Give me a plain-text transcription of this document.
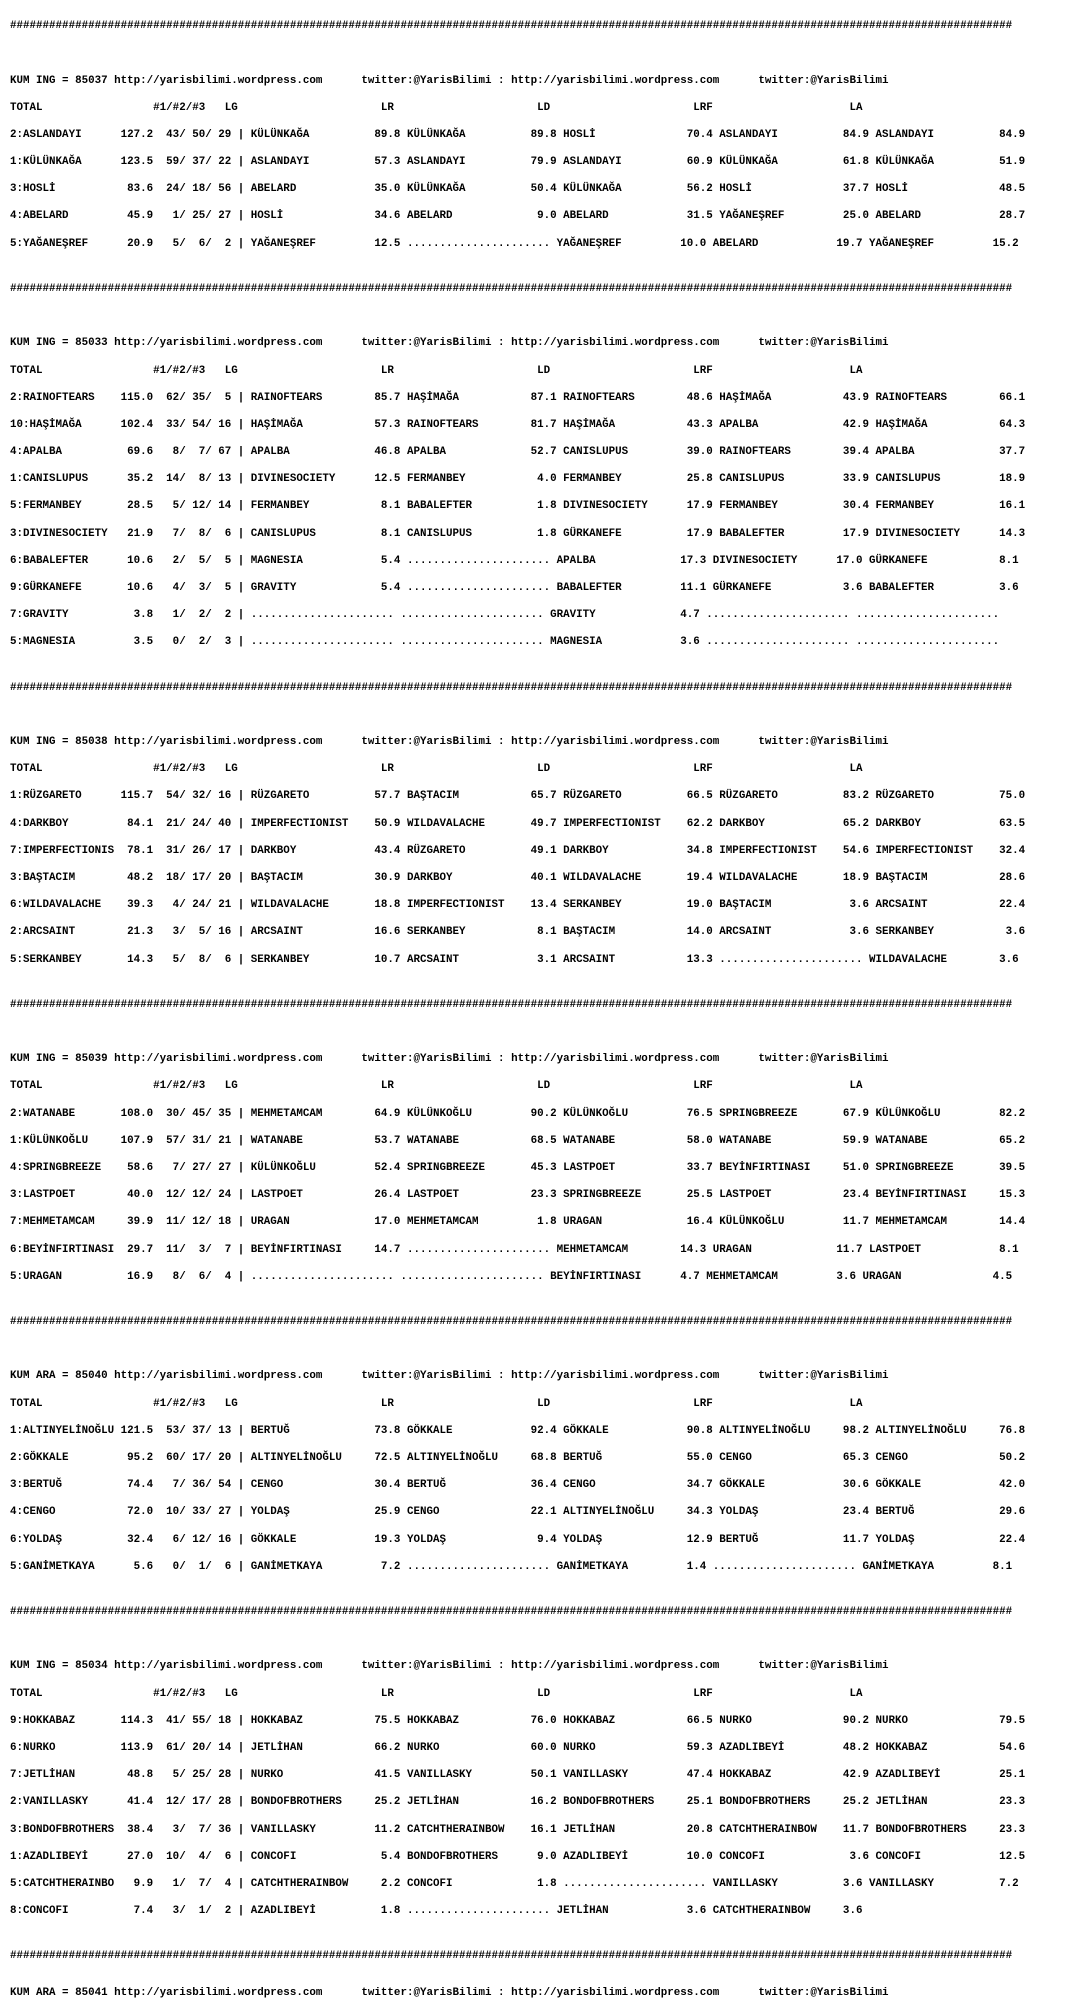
##########################################################################################################################################################

KUM ING = 85037 http://yarisbilimi.wordpress.com      twitter:@YarisBilimi : http://yarisbilimi.wordpress.com      twitter:@YarisBilimi

TOTAL                 #1/#2/#3   LG                      LR                      LD                      LRF                     LA

2:ASLANDAYI      127.2  43/ 50/ 29 | KÜLÜNKAĞA          89.8 KÜLÜNKAĞA          89.8 HOSLİ              70.4 ASLANDAYI          84.9 ASLANDAYI          84.9

1:KÜLÜNKAĞA      123.5  59/ 37/ 22 | ASLANDAYI          57.3 ASLANDAYI          79.9 ASLANDAYI          60.9 KÜLÜNKAĞA          61.8 KÜLÜNKAĞA          51.9

3:HOSLİ           83.6  24/ 18/ 56 | ABELARD            35.0 KÜLÜNKAĞA          50.4 KÜLÜNKAĞA          56.2 HOSLİ              37.7 HOSLİ              48.5

4:ABELARD         45.9   1/ 25/ 27 | HOSLİ              34.6 ABELARD             9.0 ABELARD            31.5 YAĞANEŞREF         25.0 ABELARD            28.7

5:YAĞANEŞREF      20.9   5/  6/  2 | YAĞANEŞREF         12.5 ...................... YAĞANEŞREF         10.0 ABELARD            19.7 YAĞANEŞREF         15.2

##########################################################################################################################################################

KUM ING = 85033 http://yarisbilimi.wordpress.com      twitter:@YarisBilimi : http://yarisbilimi.wordpress.com      twitter:@YarisBilimi

TOTAL                 #1/#2/#3   LG                      LR                      LD                      LRF                     LA

2:RAINOFTEARS    115.0  62/ 35/  5 | RAINOFTEARS        85.7 HAŞİMAĞA           87.1 RAINOFTEARS        48.6 HAŞİMAĞA           43.9 RAINOFTEARS        66.1

10:HAŞİMAĞA      102.4  33/ 54/ 16 | HAŞİMAĞA           57.3 RAINOFTEARS        81.7 HAŞİMAĞA           43.3 APALBA             42.9 HAŞİMAĞA           64.3

4:APALBA          69.6   8/  7/ 67 | APALBA             46.8 APALBA             52.7 CANISLUPUS         39.0 RAINOFTEARS        39.4 APALBA             37.7

1:CANISLUPUS      35.2  14/  8/ 13 | DIVINESOCIETY      12.5 FERMANBEY           4.0 FERMANBEY          25.8 CANISLUPUS         33.9 CANISLUPUS         18.9

5:FERMANBEY       28.5   5/ 12/ 14 | FERMANBEY           8.1 BABALEFTER          1.8 DIVINESOCIETY      17.9 FERMANBEY          30.4 FERMANBEY          16.1

3:DIVINESOCIETY   21.9   7/  8/  6 | CANISLUPUS          8.1 CANISLUPUS          1.8 GÜRKANEFE          17.9 BABALEFTER         17.9 DIVINESOCIETY      14.3

6:BABALEFTER      10.6   2/  5/  5 | MAGNESIA            5.4 ...................... APALBA             17.3 DIVINESOCIETY      17.0 GÜRKANEFE           8.1

9:GÜRKANEFE       10.6   4/  3/  5 | GRAVITY             5.4 ...................... BABALEFTER         11.1 GÜRKANEFE           3.6 BABALEFTER          3.6

7:GRAVITY          3.8   1/  2/  2 | ...................... ...................... GRAVITY             4.7 ...................... ......................

5:MAGNESIA         3.5   0/  2/  3 | ...................... ...................... MAGNESIA            3.6 ...................... ......................

##########################################################################################################################################################

KUM ING = 85038 http://yarisbilimi.wordpress.com      twitter:@YarisBilimi : http://yarisbilimi.wordpress.com      twitter:@YarisBilimi

TOTAL                 #1/#2/#3   LG                      LR                      LD                      LRF                     LA

1:RÜZGARETO      115.7  54/ 32/ 16 | RÜZGARETO          57.7 BAŞTACIM           65.7 RÜZGARETO          66.5 RÜZGARETO          83.2 RÜZGARETO          75.0

4:DARKBOY         84.1  21/ 24/ 40 | IMPERFECTIONIST    50.9 WILDAVALACHE       49.7 IMPERFECTIONIST    62.2 DARKBOY            65.2 DARKBOY            63.5

7:IMPERFECTIONIS  78.1  31/ 26/ 17 | DARKBOY            43.4 RÜZGARETO          49.1 DARKBOY            34.8 IMPERFECTIONIST    54.6 IMPERFECTIONIST    32.4

3:BAŞTACIM        48.2  18/ 17/ 20 | BAŞTACIM           30.9 DARKBOY            40.1 WILDAVALACHE       19.4 WILDAVALACHE       18.9 BAŞTACIM           28.6

6:WILDAVALACHE    39.3   4/ 24/ 21 | WILDAVALACHE       18.8 IMPERFECTIONIST    13.4 SERKANBEY          19.0 BAŞTACIM            3.6 ARCSAINT           22.4

2:ARCSAINT        21.3   3/  5/ 16 | ARCSAINT           16.6 SERKANBEY           8.1 BAŞTACIM           14.0 ARCSAINT            3.6 SERKANBEY           3.6

5:SERKANBEY       14.3   5/  8/  6 | SERKANBEY          10.7 ARCSAINT            3.1 ARCSAINT           13.3 ...................... WILDAVALACHE        3.6

##########################################################################################################################################################

KUM ING = 85039 http://yarisbilimi.wordpress.com      twitter:@YarisBilimi : http://yarisbilimi.wordpress.com      twitter:@YarisBilimi

TOTAL                 #1/#2/#3   LG                      LR                      LD                      LRF                     LA

2:WATANABE       108.0  30/ 45/ 35 | MEHMETAMCAM        64.9 KÜLÜNKOĞLU         90.2 KÜLÜNKOĞLU         76.5 SPRINGBREEZE       67.9 KÜLÜNKOĞLU         82.2

1:KÜLÜNKOĞLU     107.9  57/ 31/ 21 | WATANABE           53.7 WATANABE           68.5 WATANABE           58.0 WATANABE           59.9 WATANABE           65.2

4:SPRINGBREEZE    58.6   7/ 27/ 27 | KÜLÜNKOĞLU         52.4 SPRINGBREEZE       45.3 LASTPOET           33.7 BEYİNFIRTINASI     51.0 SPRINGBREEZE       39.5

3:LASTPOET        40.0  12/ 12/ 24 | LASTPOET           26.4 LASTPOET           23.3 SPRINGBREEZE       25.5 LASTPOET           23.4 BEYİNFIRTINASI     15.3

7:MEHMETAMCAM     39.9  11/ 12/ 18 | URAGAN             17.0 MEHMETAMCAM         1.8 URAGAN             16.4 KÜLÜNKOĞLU         11.7 MEHMETAMCAM        14.4

6:BEYİNFIRTINASI  29.7  11/  3/  7 | BEYİNFIRTINASI     14.7 ...................... MEHMETAMCAM        14.3 URAGAN             11.7 LASTPOET            8.1

5:URAGAN          16.9   8/  6/  4 | ...................... ...................... BEYİNFIRTINASI      4.7 MEHMETAMCAM         3.6 URAGAN              4.5

##########################################################################################################################################################

KUM ARA = 85040 http://yarisbilimi.wordpress.com      twitter:@YarisBilimi : http://yarisbilimi.wordpress.com      twitter:@YarisBilimi

TOTAL                 #1/#2/#3   LG                      LR                      LD                      LRF                     LA

1:ALTINYELİNOĞLU 121.5  53/ 37/ 13 | BERTUĞ             73.8 GÖKKALE            92.4 GÖKKALE            90.8 ALTINYELİNOĞLU     98.2 ALTINYELİNOĞLU     76.8

2:GÖKKALE         95.2  60/ 17/ 20 | ALTINYELİNOĞLU     72.5 ALTINYELİNOĞLU     68.8 BERTUĞ             55.0 CENGO              65.3 CENGO              50.2

3:BERTUĞ          74.4   7/ 36/ 54 | CENGO              30.4 BERTUĞ             36.4 CENGO              34.7 GÖKKALE            30.6 GÖKKALE            42.0

4:CENGO           72.0  10/ 33/ 27 | YOLDAŞ             25.9 CENGO              22.1 ALTINYELİNOĞLU     34.3 YOLDAŞ             23.4 BERTUĞ             29.6

6:YOLDAŞ          32.4   6/ 12/ 16 | GÖKKALE            19.3 YOLDAŞ              9.4 YOLDAŞ             12.9 BERTUĞ             11.7 YOLDAŞ             22.4

5:GANİMETKAYA      5.6   0/  1/  6 | GANİMETKAYA         7.2 ...................... GANİMETKAYA         1.4 ...................... GANİMETKAYA         8.1

##########################################################################################################################################################

KUM ING = 85034 http://yarisbilimi.wordpress.com      twitter:@YarisBilimi : http://yarisbilimi.wordpress.com      twitter:@YarisBilimi

TOTAL                 #1/#2/#3   LG                      LR                      LD                      LRF                     LA

9:HOKKABAZ       114.3  41/ 55/ 18 | HOKKABAZ           75.5 HOKKABAZ           76.0 HOKKABAZ           66.5 NURKO              90.2 NURKO              79.5

6:NURKO          113.9  61/ 20/ 14 | JETLİHAN           66.2 NURKO              60.0 NURKO              59.3 AZADLIBEYİ         48.2 HOKKABAZ           54.6

7:JETLİHAN        48.8   5/ 25/ 28 | NURKO              41.5 VANILLASKY         50.1 VANILLASKY         47.4 HOKKABAZ           42.9 AZADLIBEYİ         25.1

2:VANILLASKY      41.4  12/ 17/ 28 | BONDOFBROTHERS     25.2 JETLİHAN           16.2 BONDOFBROTHERS     25.1 BONDOFBROTHERS     25.2 JETLİHAN           23.3

3:BONDOFBROTHERS  38.4   3/  7/ 36 | VANILLASKY         11.2 CATCHTHERAINBOW    16.1 JETLİHAN           20.8 CATCHTHERAINBOW    11.7 BONDOFBROTHERS     23.3

1:AZADLIBEYİ      27.0  10/  4/  6 | CONCOFI             5.4 BONDOFBROTHERS      9.0 AZADLIBEYİ         10.0 CONCOFI             3.6 CONCOFI            12.5

5:CATCHTHERAINBO   9.9   1/  7/  4 | CATCHTHERAINBOW     2.2 CONCOFI             1.8 ...................... VANILLASKY          3.6 VANILLASKY          7.2

8:CONCOFI          7.4   3/  1/  2 | AZADLIBEYİ          1.8 ...................... JETLİHAN            3.6 CATCHTHERAINBOW     3.6

##########################################################################################################################################################

KUM ARA = 85041 http://yarisbilimi.wordpress.com      twitter:@YarisBilimi : http://yarisbilimi.wordpress.com      twitter:@YarisBilimi
